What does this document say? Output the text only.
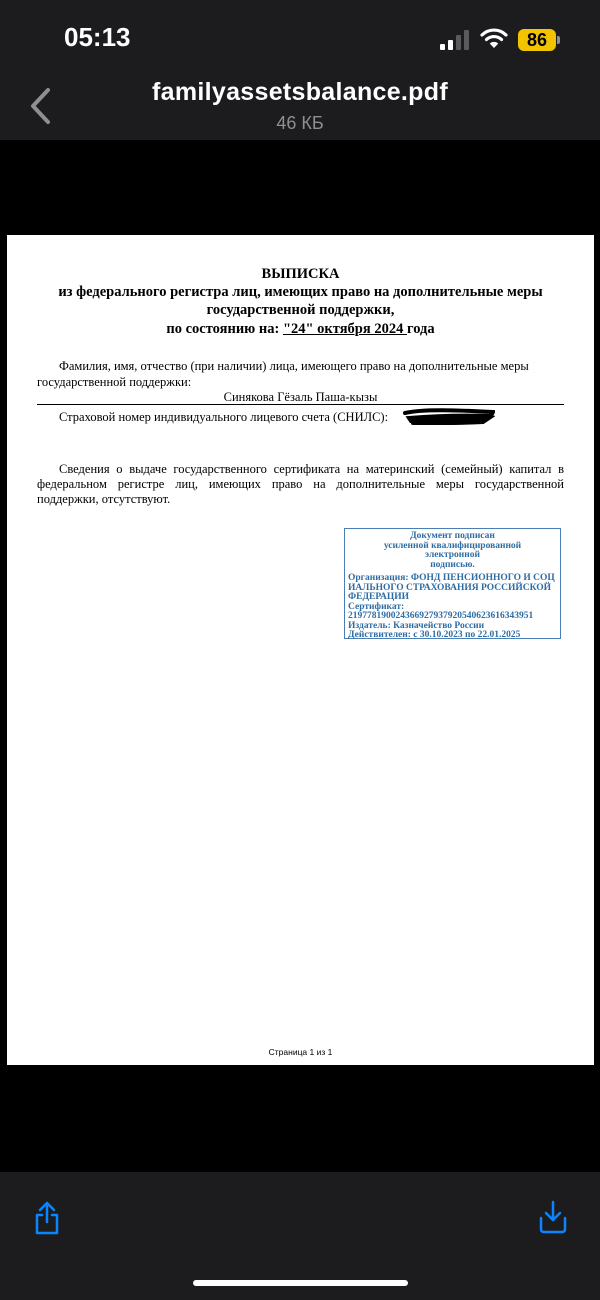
05:13	86
familyassetsbalance.pdf
46 КБ
ВЫПИСКА
из федерального регистра лиц, имеющих право на дополнительные меры
государственной поддержки,
по состоянию на: "24" октября 2024 года
Фамилия, имя, отчество (при наличии) лица, имеющего право на дополнительные меры государственной поддержки:
Синякова Гёзаль Паша-кызы
Страховой номер индивидуального лицевого счета (СНИЛС):
Сведения о выдаче государственного сертификата на материнский (семейный) капитал в федеральном регистре лиц, имеющих право на дополнительные меры государственной поддержки, отсутствуют.
Документ подписан
усиленной квалифицированной
электронной
подписью.
Организация: ФОНД ПЕНСИОННОГО И СОЦИАЛЬНОГО СТРАХОВАНИЯ РОССИЙСКОЙ ФЕДЕРАЦИИ
Сертификат:
219778190024366927937920540623616343951
Издатель: Казначейство России
Действителен: с 30.10.2023 по 22.01.2025
Страница 1 из 1
